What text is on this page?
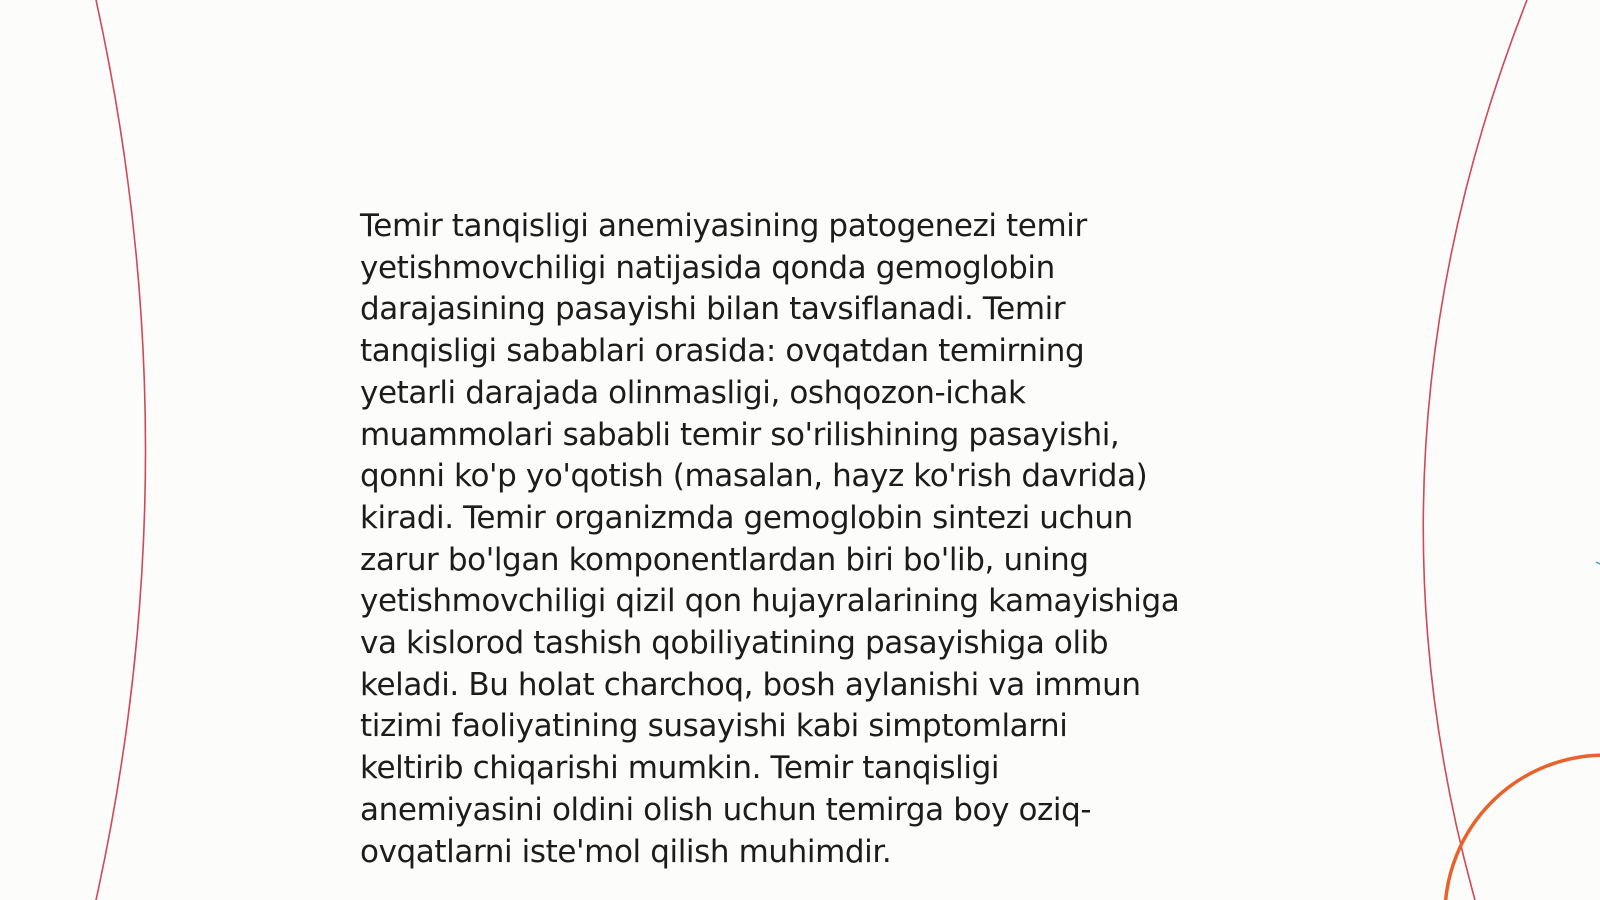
Temir tanqisligi anemiyasining patogenezi temir
yetishmovchiligi natijasida qonda gemoglobin
darajasining pasayishi bilan tavsiflanadi. Temir
tanqisligi sabablari orasida: ovqatdan temirning
yetarli darajada olinmasligi, oshqozon-ichak
muammolari sababli temir so'rilishining pasayishi,
qonni ko'p yo'qotish (masalan, hayz ko'rish davrida)
kiradi. Temir organizmda gemoglobin sintezi uchun
zarur bo'lgan komponentlardan biri bo'lib, uning
yetishmovchiligi qizil qon hujayralarining kamayishiga
va kislorod tashish qobiliyatining pasayishiga olib
keladi. Bu holat charchoq, bosh aylanishi va immun
tizimi faoliyatining susayishi kabi simptomlarni
keltirib chiqarishi mumkin. Temir tanqisligi
anemiyasini oldini olish uchun temirga boy oziq-
ovqatlarni iste'mol qilish muhimdir.
